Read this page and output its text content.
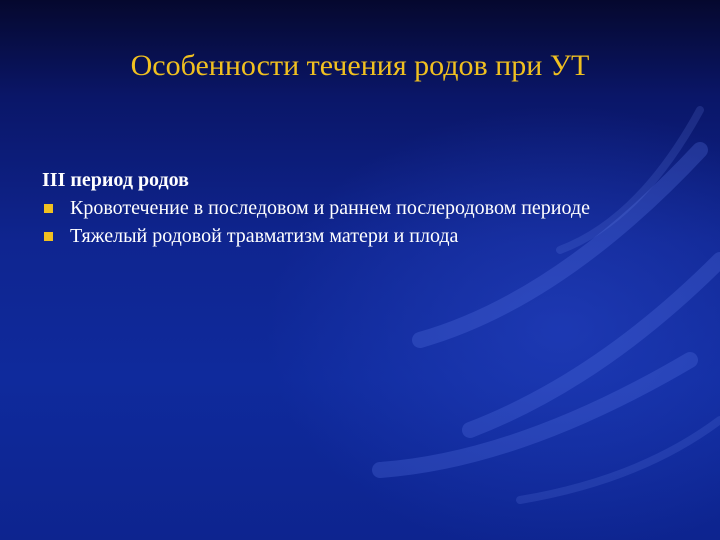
Особенности течения родов при УТ

III период родов

Кровотечение в последовом и раннем послеродовом периоде
Тяжелый родовой травматизм матери и плода
